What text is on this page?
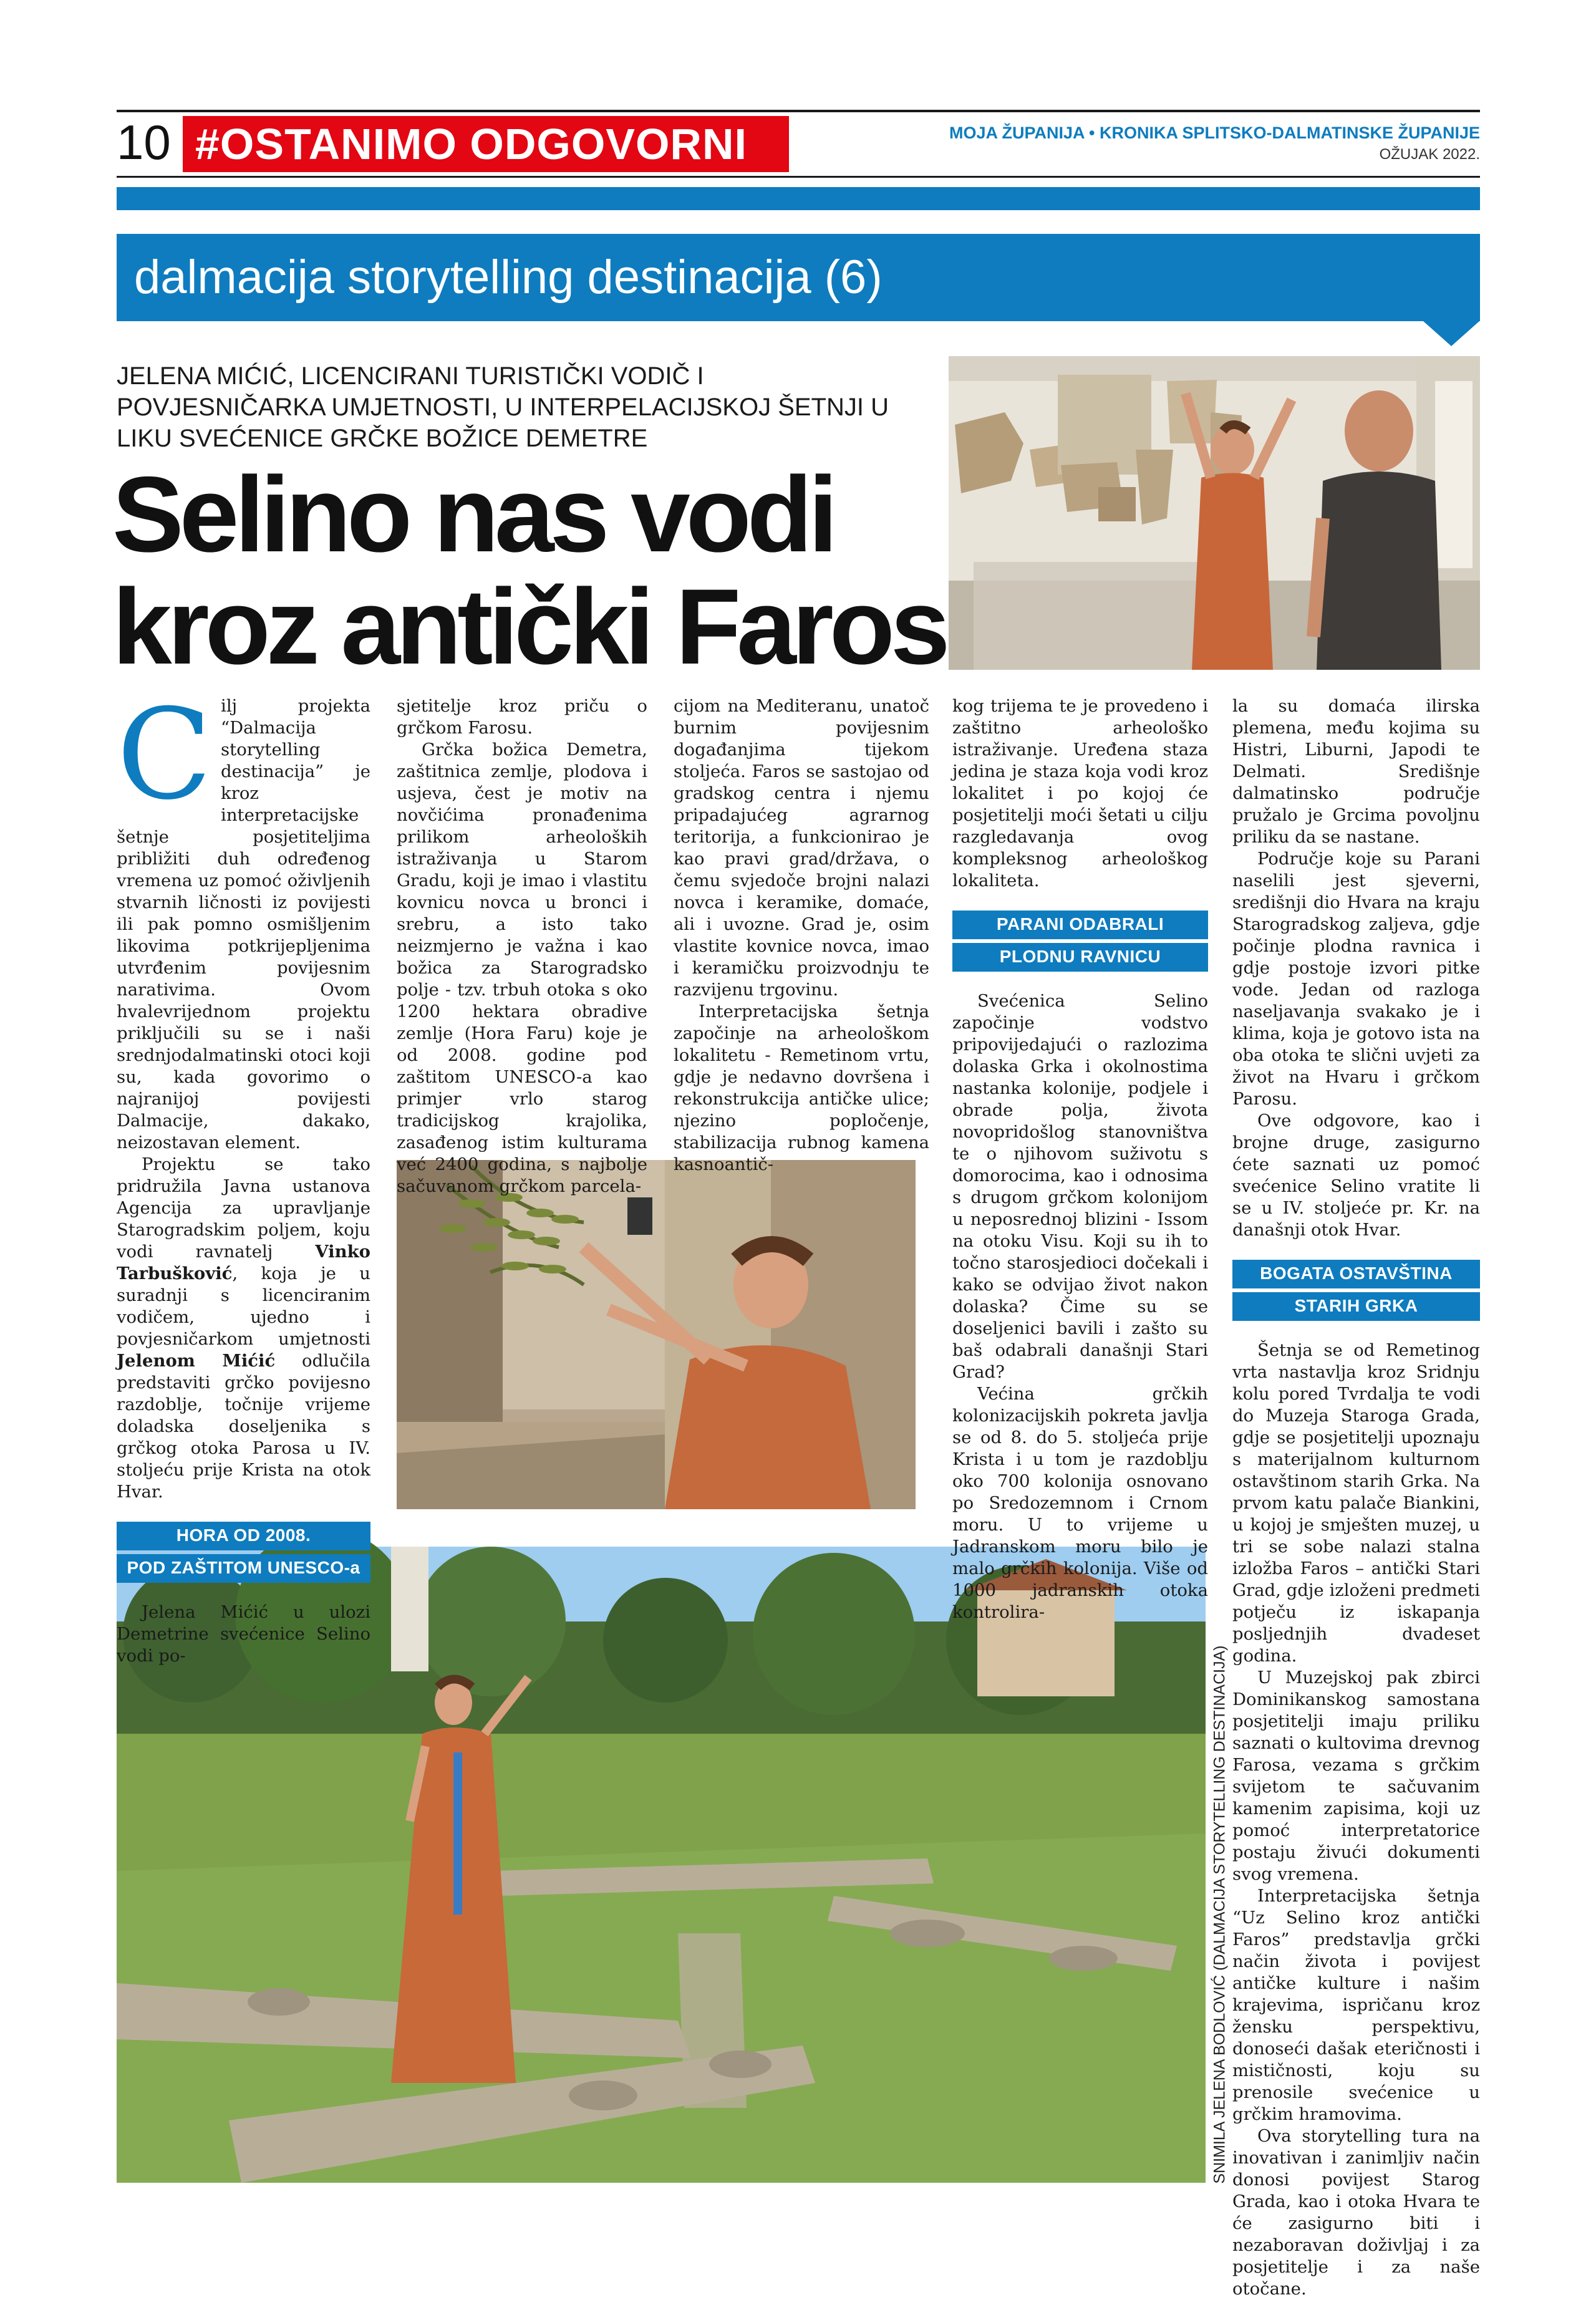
10 #OSTANIMO ODGOVORNI	MOJA ŽUPANIJA • KRONIKA SPLITSKO-DALMATINSKE ŽUPANIJE
OŽUJAK 2022.
dalmacija storytelling destinacija (6)
JELENA MIĆIĆ, LICENCIRANI TURISTIČKI VODIČ I POVJESNIČARKA UMJETNOSTI, U INTERPELACIJSKOJ ŠETNJI U LIKU SVEĆENICE GRČKE BOŽICE DEMETRE
Selino nas vodi
kroz antički Faros
SNIMILA JELENA BODLOVIĆ (DALMACIJA STORYTELLING DESTINACIJA)
C ilj projekta “Dalmacija storytelling destinacija” je kroz interpretacijske šetnje posjetiteljima približiti duh određenog vremena uz pomoć oživljenih stvarnih ličnosti iz povijesti ili pak pomno osmišljenim likovima potkrijepljenima utvrđenim povijesnim narativima. Ovom hvalevrijednom projektu priključili su se i naši srednjodalmatinski otoci koji su, kada govorimo o najranijoj povijesti Dalmacije, dakako, neizostavan element.

Projektu se tako pridružila Javna ustanova Agencija za upravljanje Starogradskim poljem, koju vodi ravnatelj Vinko Tarbušković, koja je u suradnji s licenciranim vodičem, ujedno i povjesničarkom umjetnosti Jelenom Mićić odlučila predstaviti grčko povijesno razdoblje, točnije vrijeme doladska doseljenika s grčkog otoka Parosa u IV. stoljeću prije Krista na otok Hvar.

HORA OD 2008.
POD ZAŠTITOM UNESCO-a

Jelena Mićić u ulozi Demetrine svećenice Selino vodi po-

sjetitelje kroz priču o grčkom Farosu.

Grčka božica Demetra, zaštitnica zemlje, plodova i usjeva, čest je motiv na novčićima pronađenima prilikom arheoloških istraživanja u Starom Gradu, koji je imao i vlastitu kovnicu novca u bronci i srebru, a isto tako neizmjerno je važna i kao božica za Starogradsko polje - tzv. trbuh otoka s oko 1200 hektara obradive zemlje (Hora Faru) koje je od 2008. godine pod zaštitom UNESCO-a kao primjer vrlo starog tradicijskog krajolika, zasađenog istim kulturama već 2400 godina, s najbolje sačuvanom grčkom parcela-

cijom na Mediteranu, unatoč burnim povijesnim događanjima tijekom stoljeća. Faros se sastojao od gradskog centra i njemu pripadajućeg agrarnog teritorija, a funkcionirao je kao pravi grad/država, o čemu svjedoče brojni nalazi novca i keramike, domaće, ali i uvozne. Grad je, osim vlastite kovnice novca, imao i keramičku proizvodnju te razvijenu trgovinu.

Interpretacijska šetnja započinje na arheološkom lokalitetu - Remetinom vrtu, gdje je nedavno dovršena i rekonstrukcija antičke ulice; njezino popločenje, stabilizacija rubnog kamena kasnoantič-

kog trijema te je provedeno i zaštitno arheološko istraživanje. Uređena staza jedina je staza koja vodi kroz lokalitet i po kojoj će posjetitelji moći šetati u cilju razgledavanja ovog kompleksnog arheološkog lokaliteta.

PARANI ODABRALI
PLODNU RAVNICU

Svećenica Selino započinje vodstvo pripovijedajući o razlozima dolaska Grka i okolnostima nastanka kolonije, podjele i obrade polja, života novopridošlog stanovništva te o njihovom suživotu s domorocima, kao i odnosima s drugom grčkom kolonijom u neposrednoj blizini - Issom na otoku Visu. Koji su ih to točno starosjedioci dočekali i kako se odvijao život nakon dolaska? Čime su se doseljenici bavili i zašto su baš odabrali današnji Stari Grad?

Većina grčkih kolonizacijskih pokreta javlja se od 8. do 5. stoljeća prije Krista i u tom je razdoblju oko 700 kolonija osnovano po Sredozemnom i Crnom moru. U to vrijeme u Jadranskom moru bilo je malo grčkih kolonija. Više od 1000 jadranskih otoka kontrolira-

la su domaća ilirska plemena, među kojima su Histri, Liburni, Japodi te Delmati. Središnje dalmatinsko područje pružalo je Grcima povoljnu priliku da se nastane.

Područje koje su Parani naselili jest sjeverni, središnji dio Hvara na kraju Starogradskog zaljeva, gdje počinje plodna ravnica i gdje postoje izvori pitke vode. Jedan od razloga naseljavanja svakako je i klima, koja je gotovo ista na oba otoka te slični uvjeti za život na Hvaru i grčkom Parosu.

Ove odgovore, kao i brojne druge, zasigurno ćete saznati uz pomoć svećenice Selino vratite li se u IV. stoljeće pr. Kr. na današnji otok Hvar.

BOGATA OSTAVŠTINA
STARIH GRKA

Šetnja se od Remetinog vrta nastavlja kroz Sridnju kolu pored Tvrdalja te vodi do Muzeja Staroga Grada, gdje se posjetitelji upoznaju s materijalnom kulturnom ostavštinom starih Grka. Na prvom katu palače Biankini, u kojoj je smješten muzej, u tri se sobe nalazi stalna izložba Faros – antički Stari Grad, gdje izloženi predmeti potječu iz iskapanja posljednjih dvadeset godina.

U Muzejskoj pak zbirci Dominikanskog samostana posjetitelji imaju priliku saznati o kultovima drevnog Farosa, vezama s grčkim svijetom te sačuvanim kamenim zapisima, koji uz pomoć interpretatorice postaju živući dokumenti svog vremena.

Interpretacijska šetnja “Uz Selino kroz antički Faros” predstavlja grčki način života i povijest antičke kulture i našim krajevima, ispričanu kroz žensku perspektivu, donoseći dašak eteričnosti i mističnosti, koju su prenosile svećenice u grčkim hramovima.

Ova storytelling tura na inovativan i zanimljiv način donosi povijest Starog Grada, kao i otoka Hvara te će zasigurno biti i nezaboravan doživljaj i za posjetitelje i za naše otočane.
